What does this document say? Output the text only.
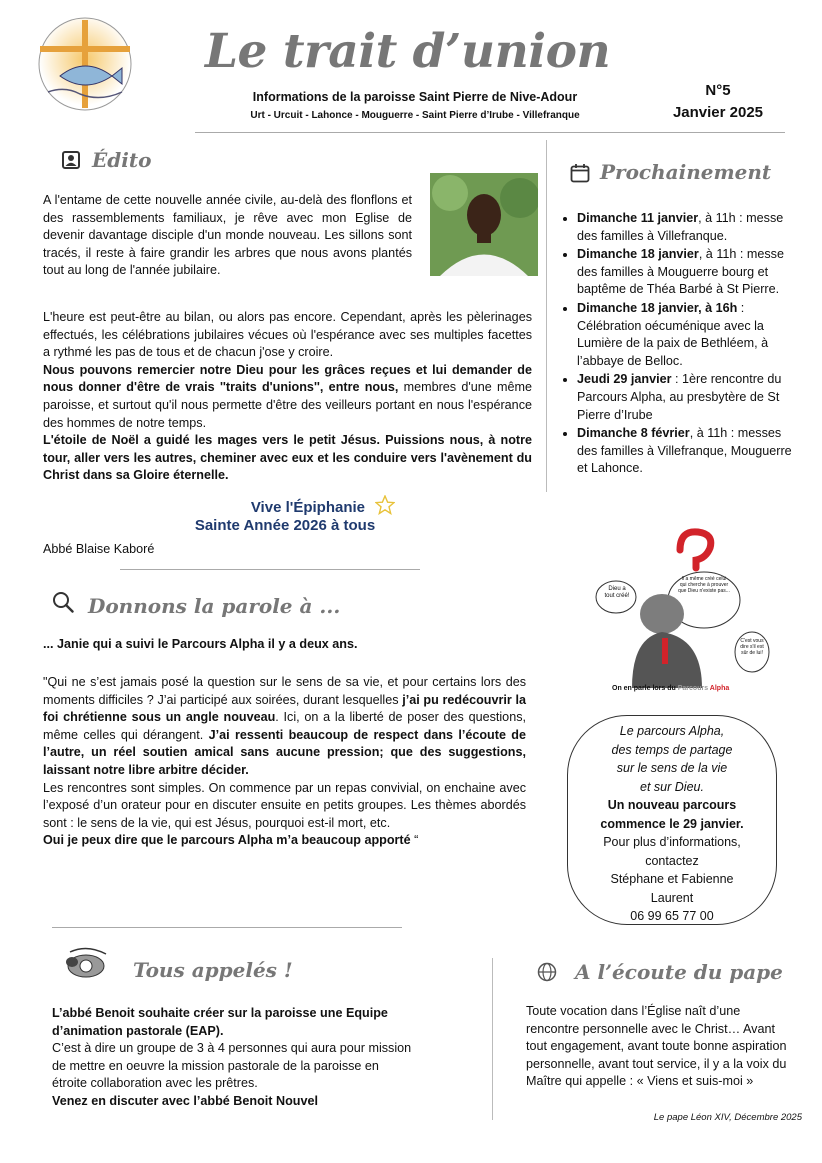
Le trait d’union
Informations de la paroisse Saint Pierre de Nive-Adour
Urt - Urcuit - Lahonce - Mouguerre - Saint Pierre d’Irube - Villefranque
N°5
Janvier 2025
Édito

A l'entame de cette nouvelle année civile, au-delà des flonflons et des rassemblements familiaux, je rêve avec mon Eglise de devenir davantage disciple d'un monde nouveau. Les sillons sont tracés, il reste à faire grandir les arbres que nous avons plantés tout au long de l'année jubilaire.

L'heure est peut-être au bilan, ou alors pas encore. Cependant, après les pèlerinages effectués, les célébrations jubilaires vécues où l'espérance avec ses multiples facettes a rythmé les pas de tous et de chacun j'ose y croire.

Nous pouvons remercier notre Dieu pour les grâces reçues et lui demander de nous donner d'être de vrais ''traits d'unions'', entre nous, membres d'une même paroisse, et surtout qu'il nous permette d'être des veilleurs portant en nous l'espérance des hommes de notre temps.

L'étoile de Noël a guidé les mages vers le petit Jésus. Puissions nous, à notre tour, aller vers les autres, cheminer avec eux et les conduire vers l'avènement du Christ dans sa Gloire éternelle.

Vive l'Épiphanie
Sainte Année 2026 à tous
Abbé Blaise Kaboré
Prochainement
• Dimanche 11 janvier, à 11h : messe des familles à Villefranque.
• Dimanche 18 janvier, à 11h : messe des familles à Mouguerre bourg et baptême de Théa Barbé à St Pierre.
• Dimanche 18 janvier, à 16h : Célébration oécuménique avec la Lumière de la paix de Bethléem, à l’abbaye de Belloc.
• Jeudi 29 janvier : 1ère rencontre du Parcours Alpha, au presbytère de St Pierre d’Irube
• Dimanche 8 février, à 11h : messes des familles à Villefranque, Mouguerre et Lahonce.
Dieu a tout créé!
Il a même créé celui qui cherche à prouver que Dieu n'existe pas...
C'est vous dire s'il est sûr de lui!
On en parle lors du Parcours Alpha
Le parcours Alpha,
des temps de partage
sur le sens de la vie
et sur Dieu.
Un nouveau parcours
commence le 29 janvier.
Pour plus d’informations,
contactez
Stéphane et Fabienne
Laurent
06 99 65 77 00
Donnons la parole à ...

... Janie qui a suivi le Parcours Alpha il y a deux ans.

"Qui ne s’est jamais posé la question sur le sens de sa vie, et pour certains lors des moments difficiles ? J’ai participé aux soirées, durant lesquelles j’ai pu redécouvrir la foi chrétienne sous un angle nouveau. Ici, on a la liberté de poser des questions, même celles qui dérangent. J’ai ressenti beaucoup de respect dans l’écoute de l’autre, un réel soutien amical sans aucune pression; que des suggestions, laissant notre libre arbitre décider.

Les rencontres sont simples. On commence par un repas convivial, on enchaine avec l’exposé d’un orateur pour en discuter ensuite en petits groupes. Les thèmes abordés sont : le sens de la vie, qui est Jésus, pourquoi est-il mort, etc.

Oui je peux dire que le parcours Alpha m’a beaucoup apporté “

Tous appelés !

L’abbé Benoit souhaite créer sur la paroisse une Equipe d’animation pastorale (EAP).

C’est à dire un groupe de 3 à 4 personnes qui aura pour mission de mettre en oeuvre la mission pastorale de la paroisse en étroite collaboration avec les prêtres.

Venez en discuter avec l’abbé Benoit Nouvel

A l’écoute du pape
Toute vocation dans l’Église naît d’une rencontre personnelle avec le Christ… Avant tout engagement, avant toute bonne aspiration personnelle, avant tout service, il y a la voix du Maître qui appelle : « Viens et suis-moi »
Le pape Léon XIV, Décembre 2025
